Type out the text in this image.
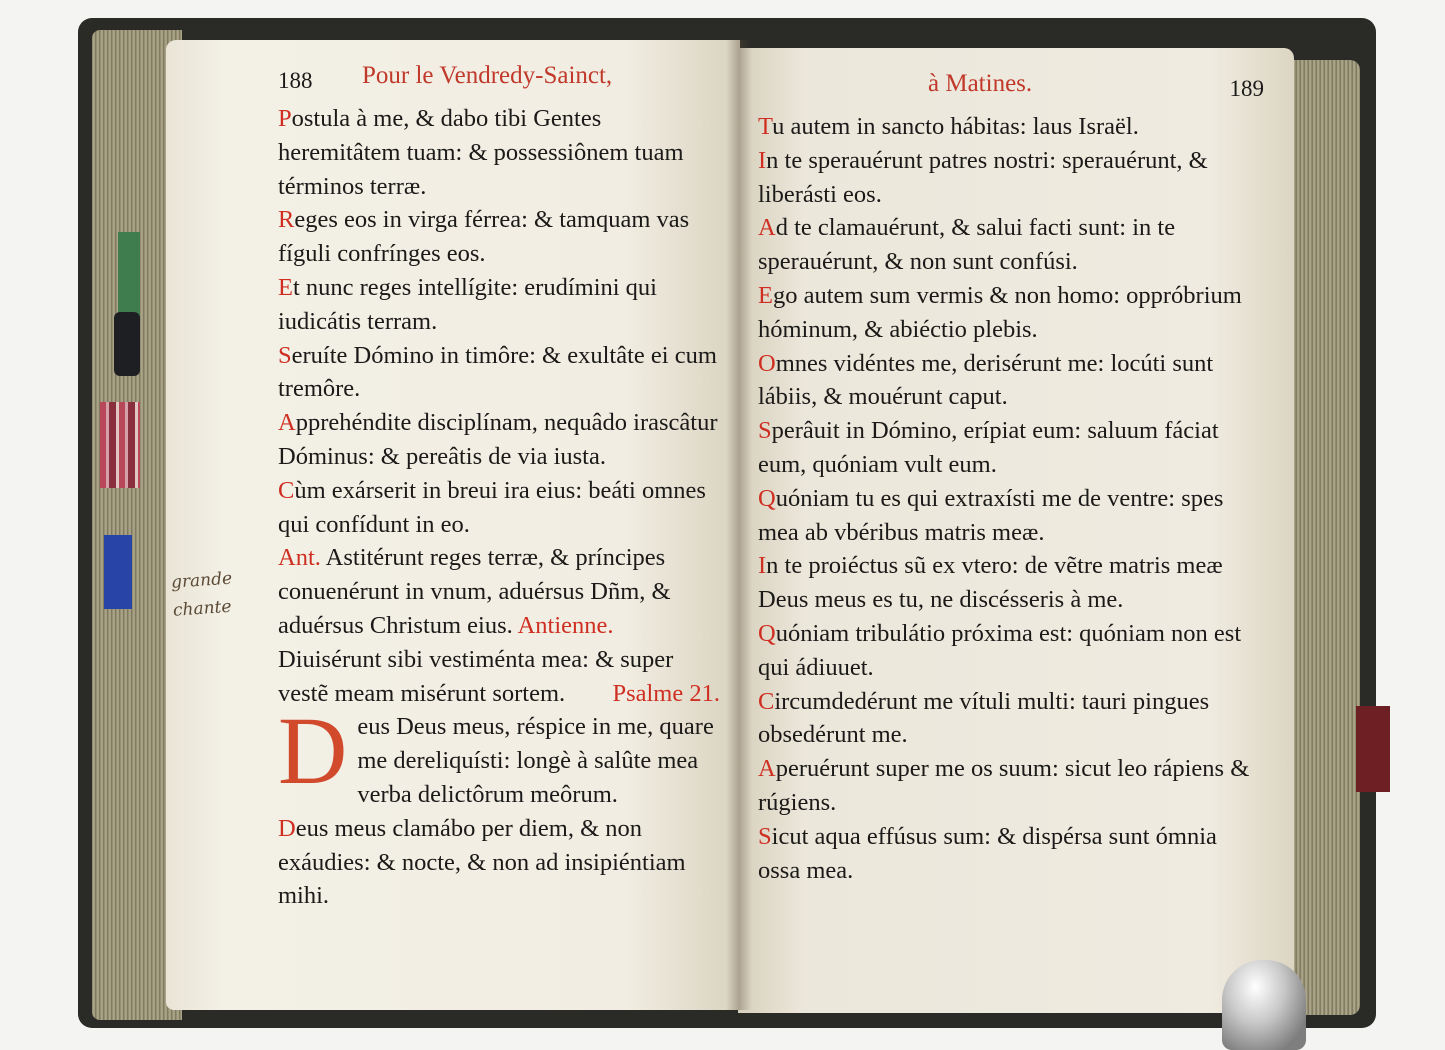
188 Pour le Vendredy-Sainct,

Postula à me, & dabo tibi Gentes heremitâtem tuam: & possessiônem tuam términos terræ.

Reges eos in virga férrea: & tamquam vas fíguli confrínges eos.

Et nunc reges intellígite: erudímini qui iudicátis terram.

Seruíte Dómino in timôre: & exultâte ei cum tremôre.

Apprehéndite disciplínam, nequâdo irascâtur Dóminus: & pereâtis de via iusta.

Cùm exárserit in breui ira eius: beáti omnes qui confídunt in eo.

Ant. Astitérunt reges terræ, & príncipes conuenérunt in vnum, aduérsus Dñm, & aduérsus Christum eius. Antienne. Diuisérunt sibi vestiménta mea: & super vestẽ meam misérunt sortem. Psalme 21.

D eus Deus meus, réspice in me, quare me dereliquísti: longè à salûte mea verba delictôrum meôrum.

Deus meus clamábo per diem, & non exáudies: & nocte, & non ad insipiéntiam mihi.

grande
chante
à Matines.	189

Tu autem in sancto hábitas: laus Israël.

In te sperauérunt patres nostri: sperauérunt, & liberásti eos.

Ad te clamauérunt, & salui facti sunt: in te sperauérunt, & non sunt confúsi.

Ego autem sum vermis & non homo: oppróbrium hóminum, & abiéctio plebis.

Omnes vidéntes me, derisérunt me: locúti sunt lábiis, & mouérunt caput.

Sperâuit in Dómino, erípiat eum: saluum fáciat eum, quóniam vult eum.

Quóniam tu es qui extraxísti me de ventre: spes mea ab vbéribus matris meæ.

In te proiéctus sũ ex vtero: de vẽtre matris meæ Deus meus es tu, ne discésseris à me.

Quóniam tribulátio próxima est: quóniam non est qui ádiuuet.

Circumdedérunt me vítuli multi: tauri pingues obsedérunt me.

Aperuérunt super me os suum: sicut leo rápiens & rúgiens.

Sicut aqua effúsus sum: & dispérsa sunt ómnia ossa mea.
